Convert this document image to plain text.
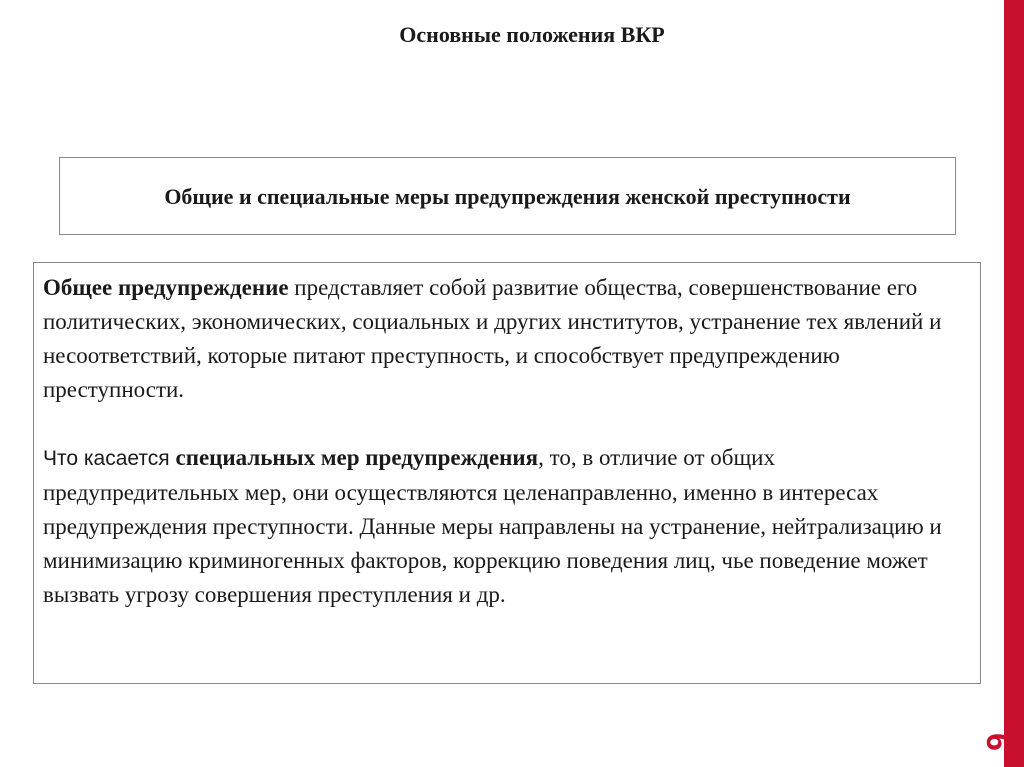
Основные положения ВКР
Общие и специальные меры предупреждения женской преступности

Общее предупреждение представляет собой развитие общества, совершенствование его политических, экономических, социальных и других институтов, устранение тех явлений и несоответствий, которые питают преступность, и способствует предупреждению преступности.

Что касается специальных мер предупреждения, то, в отличие от общих предупредительных мер, они осуществляются целенаправленно, именно в интересах предупреждения преступности. Данные меры направлены на устранение, нейтрализацию и минимизацию криминогенных факторов, коррекцию поведения лиц, чье поведение может вызвать угрозу совершения преступления и др.

6
